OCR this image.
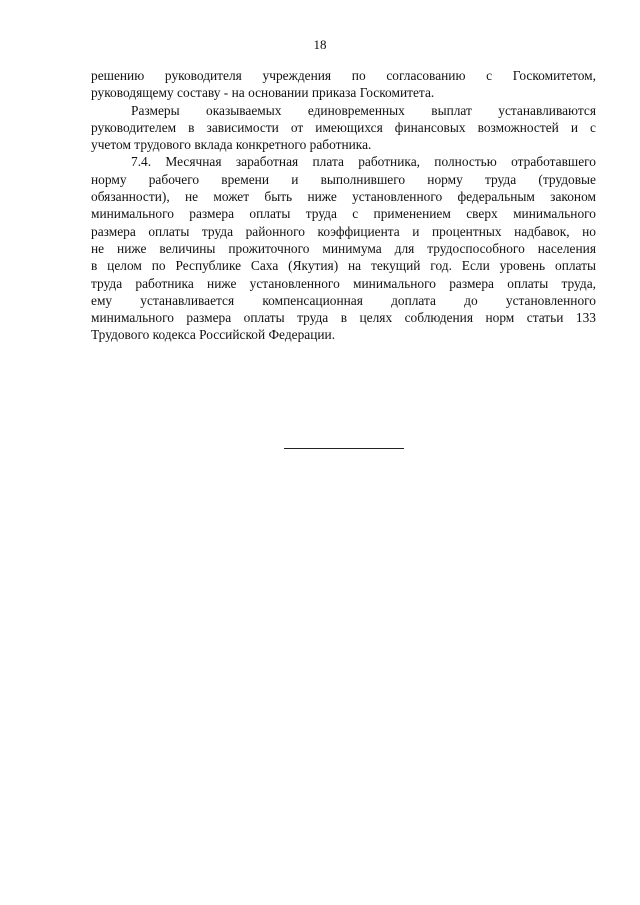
18
решению руководителя учреждения по согласованию с Госкомитетом,
руководящему составу - на основании приказа Госкомитета.
Размеры оказываемых единовременных выплат устанавливаются
руководителем в зависимости от имеющихся финансовых возможностей и с
учетом трудового вклада конкретного работника.
7.4. Месячная заработная плата работника, полностью отработавшего
норму рабочего времени и выполнившего норму труда (трудовые
обязанности), не может быть ниже установленного федеральным законом
минимального размера оплаты труда с применением сверх минимального
размера оплаты труда районного коэффициента и процентных надбавок, но
не ниже величины прожиточного минимума для трудоспособного населения
в целом по Республике Саха (Якутия) на текущий год. Если уровень оплаты
труда работника ниже установленного минимального размера оплаты труда,
ему устанавливается компенсационная доплата до установленного
минимального размера оплаты труда в целях соблюдения норм статьи 133
Трудового кодекса Российской Федерации.
